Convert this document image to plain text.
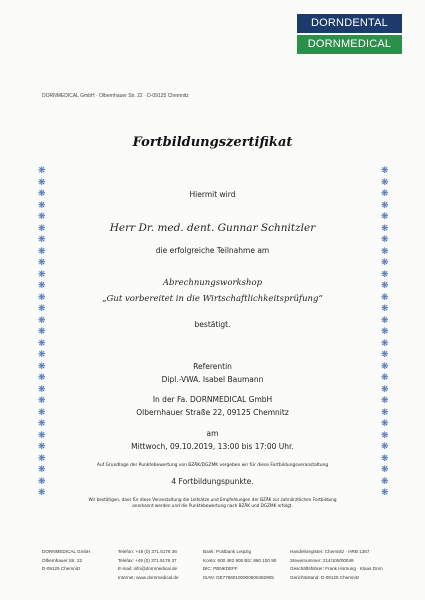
DORNDENTAL
DORNMEDICAL
DORNMEDICAL GmbH · Olbernhauer Str. 22 · D-09125 Chemnitz
Fortbildungszertifikat
❋
❋
❋
❋
❋
❋
❋
❋
❋
❋
❋
❋
❋
❋
❋
❋
❋
❋
❋
❋
❋
❋
❋
❋
❋
❋
❋
❋
❋
❋
❋
❋
❋
❋
❋
❋
❋
❋
❋
❋
❋
❋
❋
❋
❋
❋
❋
❋
❋
❋
❋
❋
❋
❋
❋
❋
❋
❋
Hiermit wird
Herr Dr. med. dent. Gunnar Schnitzler
die erfolgreiche Teilnahme am
Abrechnungsworkshop
„Gut vorbereitet in die Wirtschaftlichkeitsprüfung“
bestätigt.
Referentin
Dipl.-VWA. Isabel Baumann
In der Fa. DORNMEDICAL GmbH
Olbernhauer Straße 22, 09125 Chemnitz
am
Mittwoch, 09.10.2019, 13:00 bis 17:00 Uhr.
Auf Grundlage der Punktebewertung von BZÄK/DGZMK vergeben wir für diese Fortbildungsveranstaltung
4 Fortbildungspunkte.
Wir bestätigen, dass für diese Veranstaltung die Leitsätze und Empfehlungen der BZÄK zur zahnärztlichen Fortbildung
anerkannt werden und die Punktebewertung nach BZÄK und DGZMK erfolgt.
DORNMEDICAL GmbH
Olbernhauer Str. 22
D-09125 Chemnitz
Telefon: +49 (0) 371.5176 36
Telefax: +49 (0) 371.5176 37
E-mail: info@dornmedical.de
Internet: www.dornmedical.de
Bank: Postbank Leipzig
Konto: 600 482 905 Blz: 860 100 90
BIC: PBNKDEFF
ISAN: DE77860100900600482905
Handelsregister: Chemnitz · HRB 1367
Steuernummer: 214/108/00049
Geschäftsführer: Frank Hornung · Klaus Dorn
Gerichtsstand: D-09125 Chemnitz
